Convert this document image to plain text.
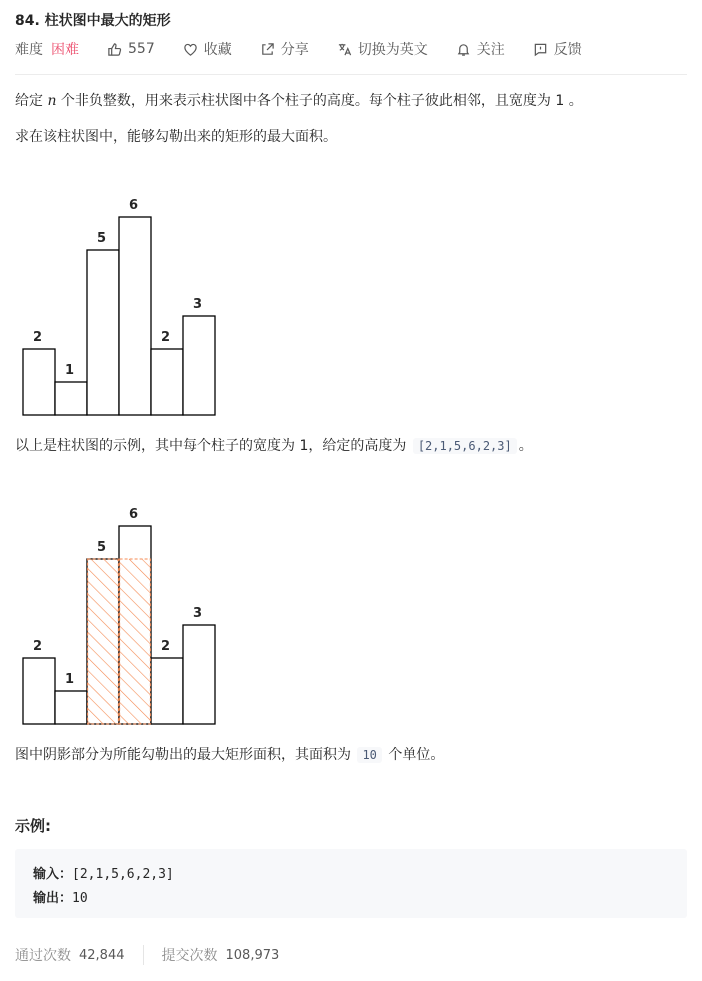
84. 柱状图中最大的矩形
难度 困难	557	收藏	分享	切换为英文	关注	反馈
给定 n 个非负整数，用来表示柱状图中各个柱子的高度。每个柱子彼此相邻，且宽度为 1 。
求在该柱状图中，能够勾勒出来的矩形的最大面积。
2
1
5
6
2
3
以上是柱状图的示例，其中每个柱子的宽度为 1，给定的高度为 [2,1,5,6,2,3] 。
2
1
5
6
2
3
图中阴影部分为所能勾勒出的最大矩形面积，其面积为 10 个单位。
示例:
输入：[2,1,5,6,2,3]
输出：10
通过次数 42,844	提交次数 108,973
